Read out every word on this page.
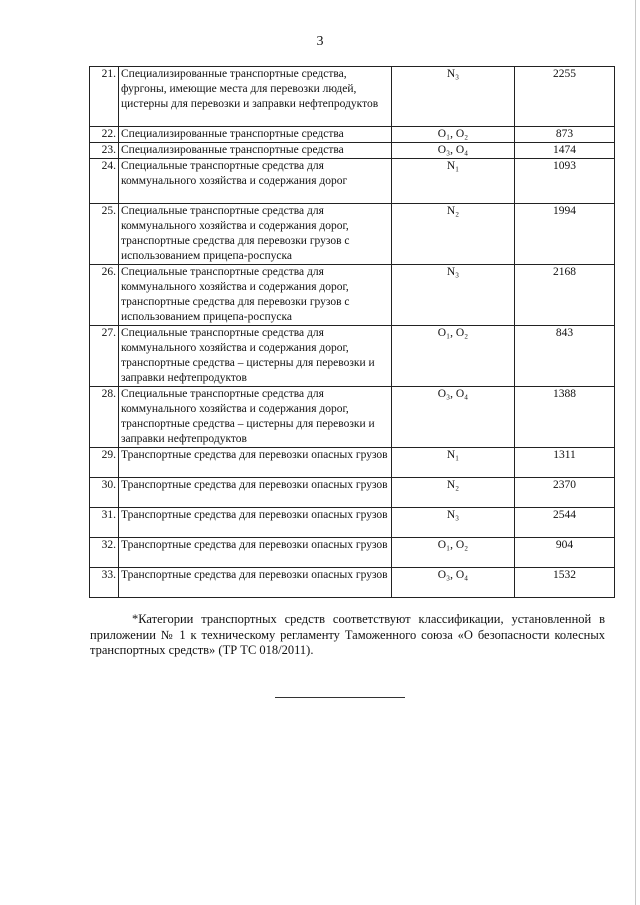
3
21.	Специализированные транспортные средства, фургоны, имеющие места для перевозки людей, цистерны для перевозки и заправки нефтепродуктов	N₃	2255
22.	Специализированные транспортные средства	O₁, O₂	873
23.	Специализированные транспортные средства	O₃, O₄	1474
24.	Специальные транспортные средства для коммунального хозяйства и содержания дорог	N₁	1093
25.	Специальные транспортные средства для коммунального хозяйства и содержания дорог, транспортные средства для перевозки грузов с использованием прицепа-роспуска	N₂	1994
26.	Специальные транспортные средства для коммунального хозяйства и содержания дорог, транспортные средства для перевозки грузов с использованием прицепа-роспуска	N₃	2168
27.	Специальные транспортные средства для коммунального хозяйства и содержания дорог, транспортные средства – цистерны для перевозки и заправки нефтепродуктов	O₁, O₂	843
28.	Специальные транспортные средства для коммунального хозяйства и содержания дорог, транспортные средства – цистерны для перевозки и заправки нефтепродуктов	O₃, O₄	1388
29.	Транспортные средства для перевозки опасных грузов	N₁	1311
30.	Транспортные средства для перевозки опасных грузов	N₂	2370
31.	Транспортные средства для перевозки опасных грузов	N₃	2544
32.	Транспортные средства для перевозки опасных грузов	O₁, O₂	904
33.	Транспортные средства для перевозки опасных грузов	O₃, O₄	1532
*Категории транспортных средств соответствуют классификации, установленной в приложении № 1 к техническому регламенту Таможенного союза «О безопасности колесных транспортных средств» (ТР ТС 018/2011).
